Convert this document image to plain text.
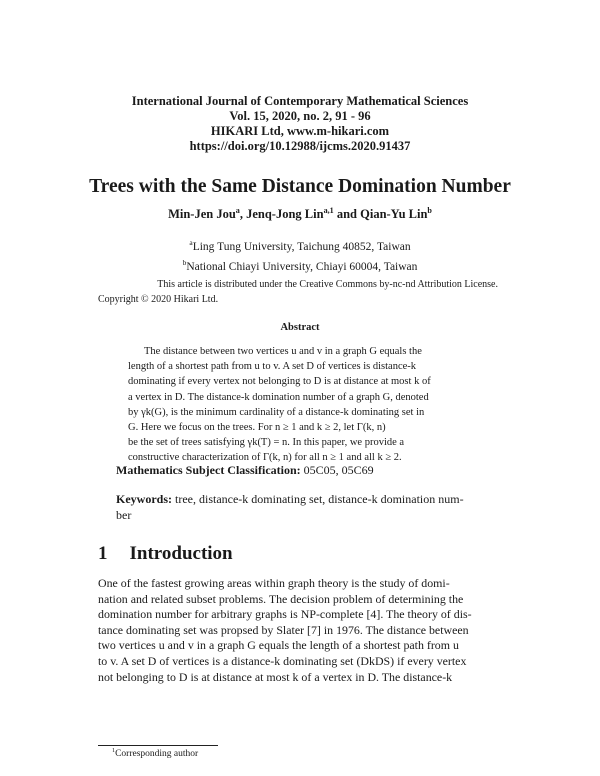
International Journal of Contemporary Mathematical Sciences
Vol. 15, 2020, no. 2, 91 - 96
HIKARI Ltd, www.m-hikari.com
https://doi.org/10.12988/ijcms.2020.91437
Trees with the Same Distance Domination Number
Min-Jen Jou$^a$, Jenq-Jong Lin$^{a,1}$ and Qian-Yu Lin$^b$
$^a$Ling Tung University, Taichung 40852, Taiwan
$^b$National Chiayi University, Chiayi 60004, Taiwan
This article is distributed under the Creative Commons by-nc-nd Attribution License.
Copyright © 2020 Hikari Ltd.
Abstract
The distance between two vertices u and v in a graph G equals the
length of a shortest path from u to v. A set D of vertices is distance-k
dominating if every vertex not belonging to D is at distance at most k of
a vertex in D. The distance-k domination number of a graph G, denoted
by γk(G), is the minimum cardinality of a distance-k dominating set in
G. Here we focus on the trees. For n ≥ 1 and k ≥ 2, let Γ(k, n)
be the set of trees satisfying γk(T) = n. In this paper, we provide a
constructive characterization of Γ(k, n) for all n ≥ 1 and all k ≥ 2.
Mathematics Subject Classification: 05C05, 05C69
Keywords: tree, distance-k dominating set, distance-k domination num-
ber
1 Introduction
One of the fastest growing areas within graph theory is the study of domi-
nation and related subset problems. The decision problem of determining the
domination number for arbitrary graphs is NP-complete [4]. The theory of dis-
tance dominating set was propsed by Slater [7] in 1976. The distance between
two vertices u and v in a graph G equals the length of a shortest path from u
to v. A set D of vertices is a distance-k dominating set (DkDS) if every vertex
not belonging to D is at distance at most k of a vertex in D. The distance-k
$^1$Corresponding author
